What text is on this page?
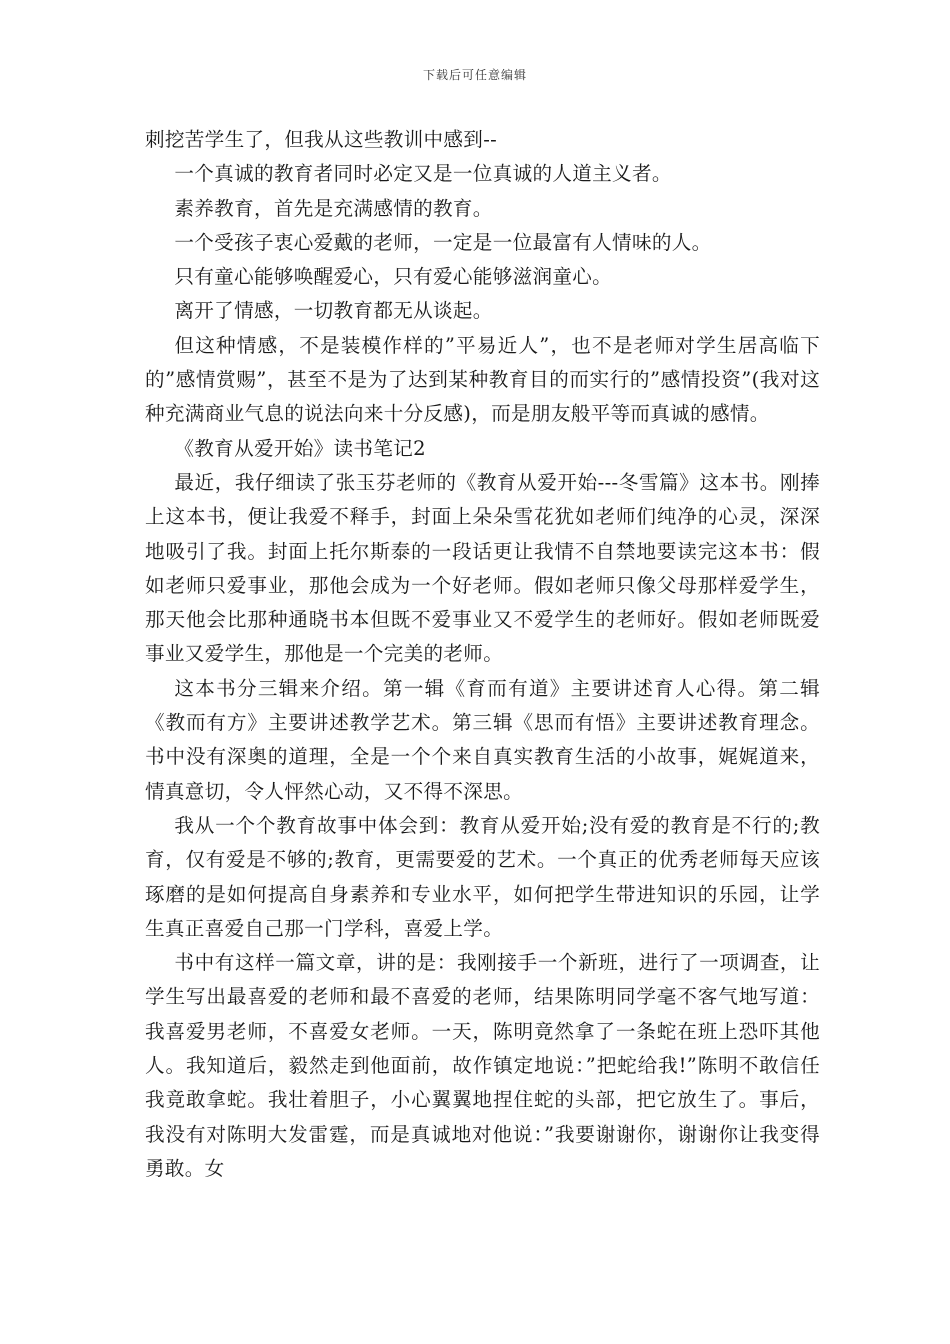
下载后可任意编辑

刺挖苦学生了，但我从这些教训中感到--

一个真诚的教育者同时必定又是一位真诚的人道主义者。

素养教育，首先是充满感情的教育。

一个受孩子衷心爱戴的老师，一定是一位最富有人情味的人。

只有童心能够唤醒爱心，只有爱心能够滋润童心。

离开了情感，一切教育都无从谈起。

但这种情感，不是装模作样的”平易近人”，也不是老师对学生居高临下的”感情赏赐”，甚至不是为了达到某种教育目的而实行的”感情投资”(我对这种充满商业气息的说法向来十分反感)，而是朋友般平等而真诚的感情。

《教育从爱开始》读书笔记2

最近，我仔细读了张玉芬老师的《教育从爱开始---冬雪篇》这本书。刚捧上这本书，便让我爱不释手，封面上朵朵雪花犹如老师们纯净的心灵，深深地吸引了我。封面上托尔斯泰的一段话更让我情不自禁地要读完这本书：假如老师只爱事业，那他会成为一个好老师。假如老师只像父母那样爱学生，那天他会比那种通晓书本但既不爱事业又不爱学生的老师好。假如老师既爱事业又爱学生，那他是一个完美的老师。

这本书分三辑来介绍。第一辑《育而有道》主要讲述育人心得。第二辑《教而有方》主要讲述教学艺术。第三辑《思而有悟》主要讲述教育理念。书中没有深奥的道理，全是一个个来自真实教育生活的小故事，娓娓道来，情真意切，令人怦然心动，又不得不深思。

我从一个个教育故事中体会到：教育从爱开始;没有爱的教育是不行的;教育，仅有爱是不够的;教育，更需要爱的艺术。一个真正的优秀老师每天应该琢磨的是如何提高自身素养和专业水平，如何把学生带进知识的乐园，让学生真正喜爱自己那一门学科，喜爱上学。

书中有这样一篇文章，讲的是：我刚接手一个新班，进行了一项调查，让学生写出最喜爱的老师和最不喜爱的老师，结果陈明同学毫不客气地写道：我喜爱男老师，不喜爱女老师。一天，陈明竟然拿了一条蛇在班上恐吓其他人。我知道后，毅然走到他面前，故作镇定地说：”把蛇给我!”陈明不敢信任我竟敢拿蛇。我壮着胆子，小心翼翼地捏住蛇的头部，把它放生了。事后，我没有对陈明大发雷霆，而是真诚地对他说：”我要谢谢你，谢谢你让我变得勇敢。女
